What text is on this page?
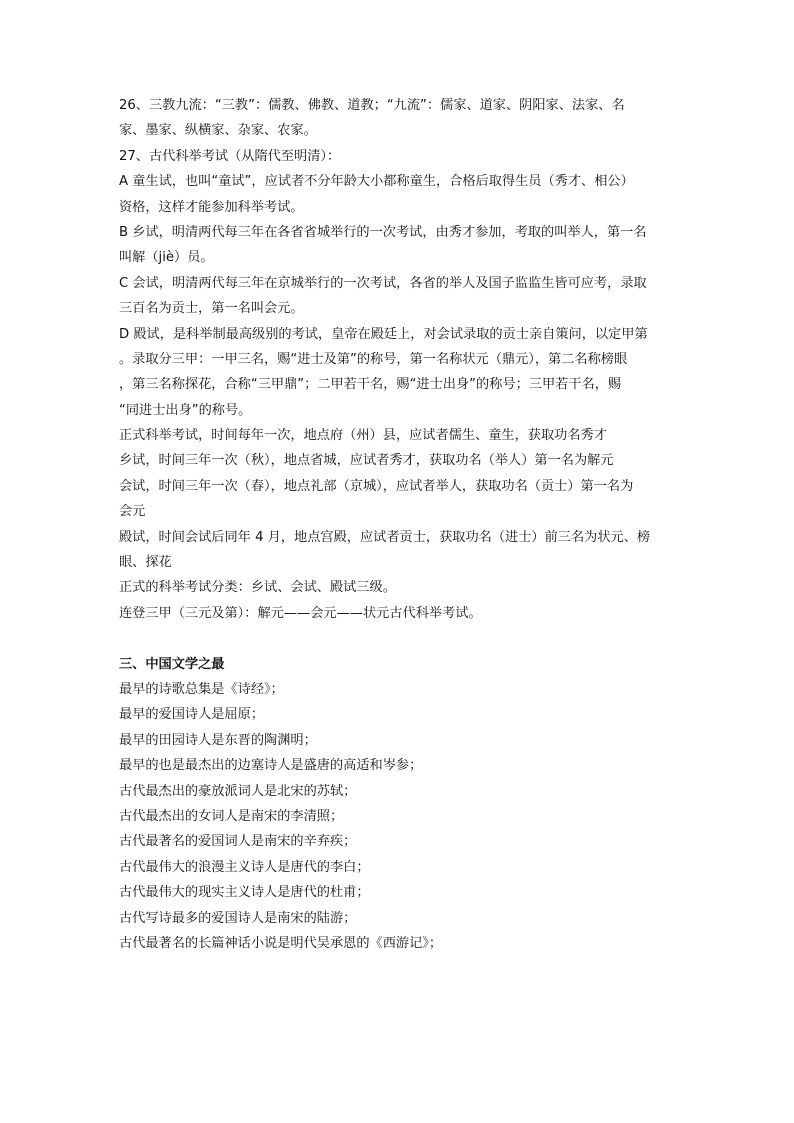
26、三教九流：“三教”：儒教、佛教、道教；“九流”：儒家、道家、阴阳家、法家、名
家、墨家、纵横家、杂家、农家。
27、古代科举考试（从隋代至明清）：
A 童生试，也叫“童试”，应试者不分年龄大小都称童生，合格后取得生员（秀才、相公）
资格，这样才能参加科举考试。
B 乡试，明清两代每三年在各省省城举行的一次考试，由秀才参加，考取的叫举人，第一名
叫解（jiè）员。
C 会试，明清两代每三年在京城举行的一次考试，各省的举人及国子监监生皆可应考，录取
三百名为贡士，第一名叫会元。
D 殿试，是科举制最高级别的考试，皇帝在殿廷上，对会试录取的贡士亲自策问，以定甲第
。录取分三甲：一甲三名，赐“进士及第”的称号，第一名称状元（鼎元），第二名称榜眼
，第三名称探花，合称“三甲鼎”；二甲若干名，赐“进士出身”的称号；三甲若干名，赐
“同进士出身”的称号。
正式科举考试，时间每年一次，地点府（州）县，应试者儒生、童生，获取功名秀才
乡试，时间三年一次（秋），地点省城，应试者秀才，获取功名（举人）第一名为解元
会试，时间三年一次（春），地点礼部（京城），应试者举人，获取功名（贡士）第一名为
会元
殿试，时间会试后同年 4 月，地点宫殿，应试者贡士，获取功名（进士）前三名为状元、榜
眼、探花
正式的科举考试分类：乡试、会试、殿试三级。
连登三甲（三元及第）：解元——会元——状元古代科举考试。
三、中国文学之最
最早的诗歌总集是《诗经》；
最早的爱国诗人是屈原；
最早的田园诗人是东晋的陶渊明；
最早的也是最杰出的边塞诗人是盛唐的高适和岑参；
古代最杰出的豪放派词人是北宋的苏轼；
古代最杰出的女词人是南宋的李清照；
古代最著名的爱国词人是南宋的辛弃疾；
古代最伟大的浪漫主义诗人是唐代的李白；
古代最伟大的现实主义诗人是唐代的杜甫；
古代写诗最多的爱国诗人是南宋的陆游；
古代最著名的长篇神话小说是明代吴承恩的《西游记》；
